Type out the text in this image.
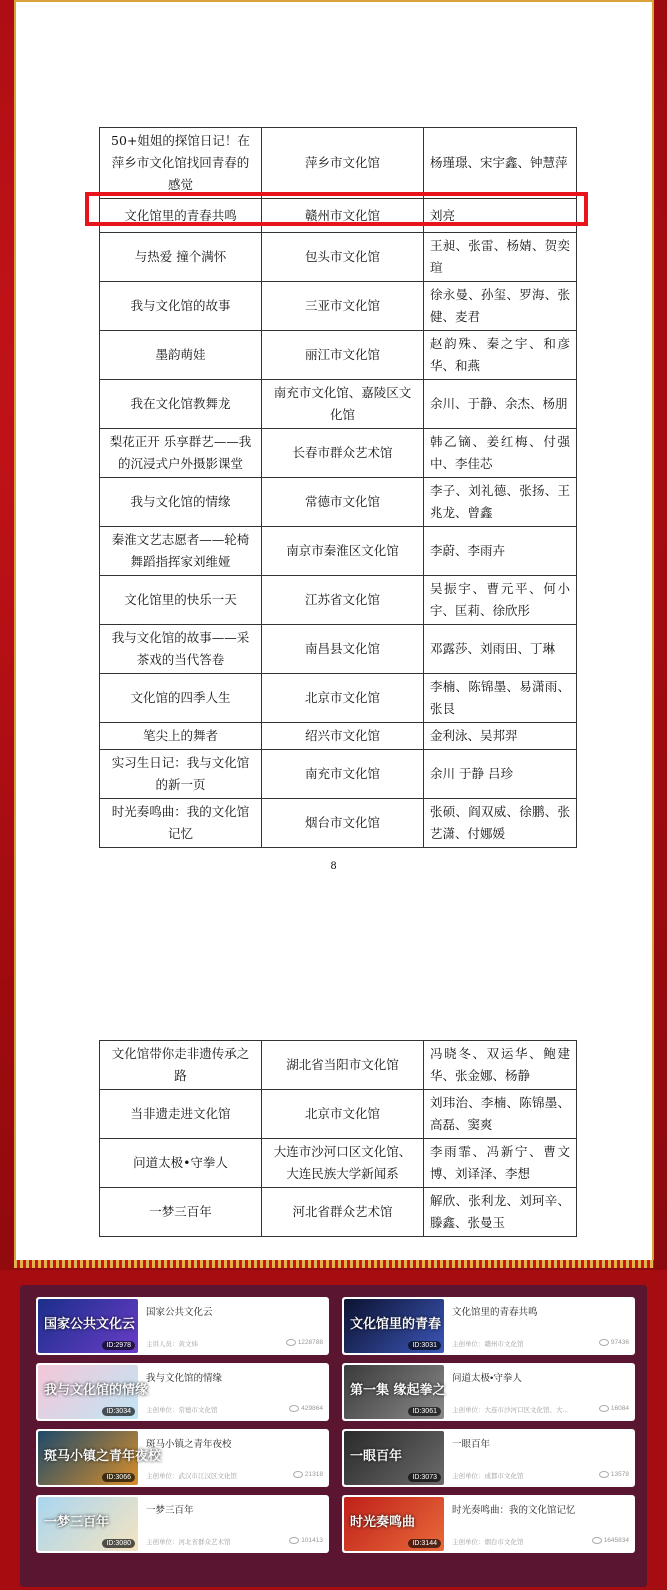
8
50+姐姐的探馆日记！在萍乡市文化馆找回青春的感觉	萍乡市文化馆	杨瑾璟、宋宇鑫、钟慧萍
文化馆里的青春共鸣	赣州市文化馆	刘亮
与热爱 撞个满怀	包头市文化馆	王昶、张雷、杨婧、贺奕瑄
我与文化馆的故事	三亚市文化馆	徐永曼、孙玺、罗海、张健、麦君
墨韵萌娃	丽江市文化馆	赵韵殊、秦之宇、和彦华、和燕
我在文化馆教舞龙	南充市文化馆、嘉陵区文化馆	余川、于静、余杰、杨朋
梨花正开 乐享群艺——我的沉浸式户外摄影课堂	长春市群众艺术馆	韩乙镝、姜红梅、付强中、李佳芯
我与文化馆的情缘	常德市文化馆	李子、刘礼德、张扬、王兆龙、曾鑫
秦淮文艺志愿者——轮椅舞蹈指挥家刘维娅	南京市秦淮区文化馆	李蔚、李雨卉
文化馆里的快乐一天	江苏省文化馆	吴振宇、曹元平、何小宇、匡莉、徐欣彤
我与文化馆的故事——采茶戏的当代答卷	南昌县文化馆	邓露莎、刘雨田、丁琳
文化馆的四季人生	北京市文化馆	李楠、陈锦墨、易潇雨、张艮
笔尖上的舞者	绍兴市文化馆	金利泳、吴邦羿
实习生日记：我与文化馆的新一页	南充市文化馆	余川 于静 吕珍
时光奏鸣曲：我的文化馆记忆	烟台市文化馆	张硕、阎双威、徐鹏、张艺潇、付娜媛
文化馆带你走非遗传承之路	湖北省当阳市文化馆	冯晓冬、双运华、鲍建华、张金娜、杨静
当非遗走进文化馆	北京市文化馆	刘玮治、李楠、陈锦墨、高磊、窦爽
问道太极•守拳人	大连市沙河口区文化馆、大连民族大学新闻系	李雨霏、冯新宁、曹文博、刘译泽、李想
一梦三百年	河北省群众艺术馆	解欣、张利龙、刘珂辛、滕鑫、张曼玉
国家公共文化云
ID:2978
国家公共文化云
主讲人员：黄文炜	1228788
文化馆里的青春
ID:3031
文化馆里的青春共鸣
主创单位：赣州市文化馆	97436
我与文化馆的情缘
ID:3034
我与文化馆的情缘
主创单位：常德市文化馆	429864
第一集 缘起拳之
ID:3061
问道太极•守拳人
主创单位：大连市沙河口区文化馆、大...	16084
斑马小镇之青年夜校
ID:3066
斑马小镇之青年夜校
主创单位：武汉市江汉区文化馆	21318
一眼百年
ID:3073
一眼百年
主创单位：成都市文化馆	13578
一梦三百年
ID:3080
一梦三百年
主创单位：河北省群众艺术馆	101413
时光奏鸣曲
ID:3144
时光奏鸣曲：我的文化馆记忆
主创单位：烟台市文化馆	1645834
